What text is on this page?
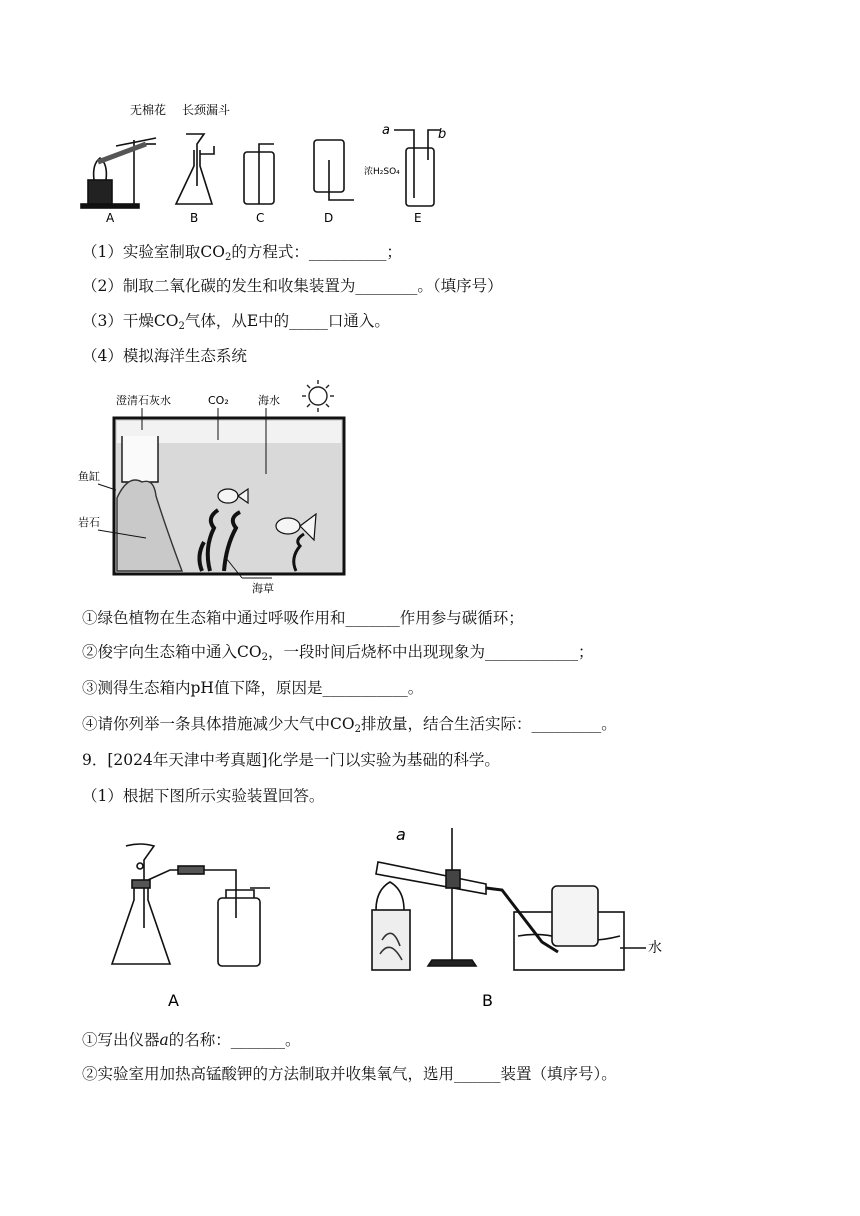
无棉花 长颈漏斗
浓H₂SO₄
a	b
A	B	C	D	E
（1）实验室制取$CO_2$的方程式：__________；
（2）制取二氧化碳的发生和收集装置为________。（填序号）
（3）干燥$CO_2$气体，从E中的_____口通入。
（4）模拟海洋生态系统
澄清石灰水	CO₂	海水
鱼缸
岩石
海草
①绿色植物在生态箱中通过呼吸作用和_______作用参与碳循环；
②俊宇向生态箱中通入$CO_2$，一段时间后烧杯中出现现象为____________；
③测得生态箱内pH值下降，原因是___________。
④请你列举一条具体措施减少大气中$CO_2$排放量，结合生活实际：_________。
9．[2024年天津中考真题]化学是一门以实验为基础的科学。
（1）根据下图所示实验装置回答。
a
水
A	B
①写出仪器a的名称：_______。
②实验室用加热高锰酸钾的方法制取并收集氧气，选用______装置（填序号）。
